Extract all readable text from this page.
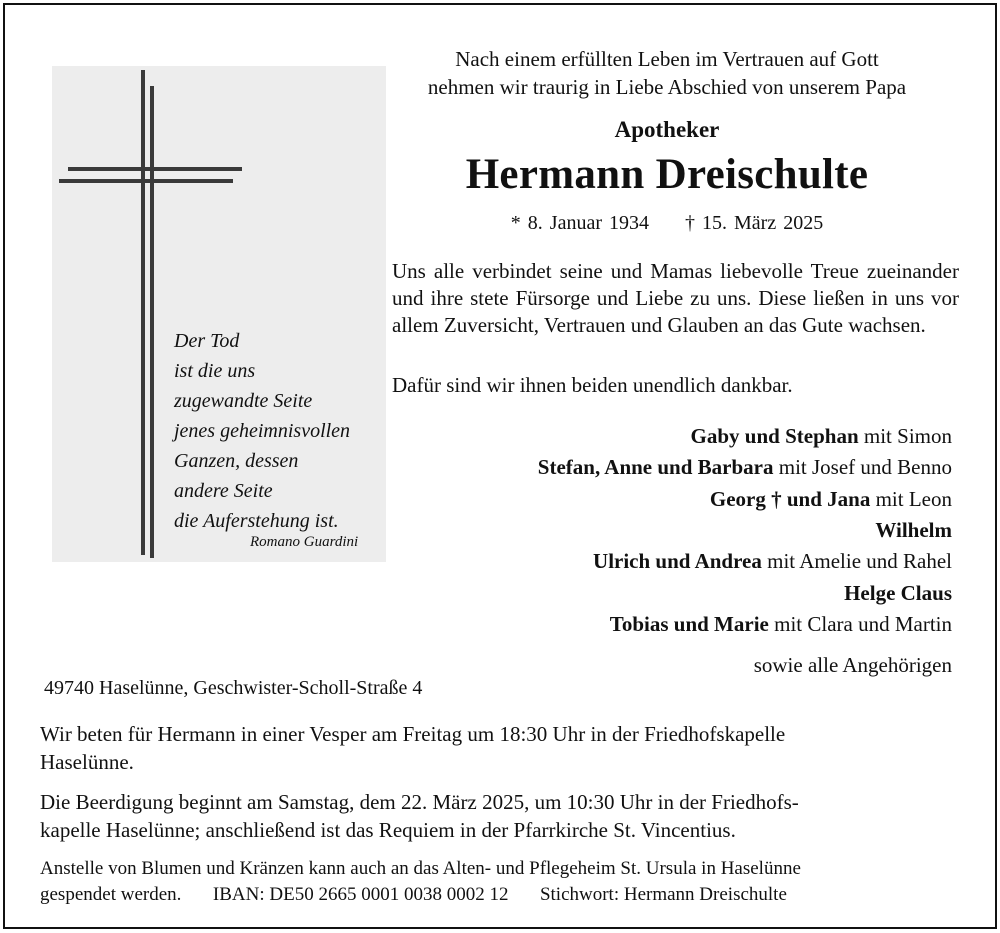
Der Tod
ist die uns
zugewandte Seite
jenes geheimnisvollen
Ganzen, dessen
andere Seite
die Auferstehung ist.
Romano Guardini
Nach einem erfüllten Leben im Vertrauen auf Gott
nehmen wir traurig in Liebe Abschied von unserem Papa
Apotheker
Hermann Dreischulte
* 8. Januar 1934 † 15. März 2025
Uns alle verbindet seine und Mamas liebevolle Treue zueinander und ihre stete Fürsorge und Liebe zu uns. Diese ließen in uns vor allem Zuversicht, Vertrauen und Glauben an das Gute wachsen.
Dafür sind wir ihnen beiden unendlich dankbar.
Gaby und Stephan mit Simon
Stefan, Anne und Barbara mit Josef und Benno
Georg † und Jana mit Leon
Wilhelm
Ulrich und Andrea mit Amelie und Rahel
Helge Claus
Tobias und Marie mit Clara und Martin
sowie alle Angehörigen
49740 Haselünne, Geschwister-Scholl-Straße 4
Wir beten für Hermann in einer Vesper am Freitag um 18:30 Uhr in der Friedhofskapelle
Haselünne.
Die Beerdigung beginnt am Samstag, dem 22. März 2025, um 10:30 Uhr in der Friedhofs-
kapelle Haselünne; anschließend ist das Requiem in der Pfarrkirche St. Vincentius.
Anstelle von Blumen und Kränzen kann auch an das Alten- und Pflegeheim St. Ursula in Haselünne
gespendet werden. IBAN: DE50 2665 0001 0038 0002 12 Stichwort: Hermann Dreischulte
